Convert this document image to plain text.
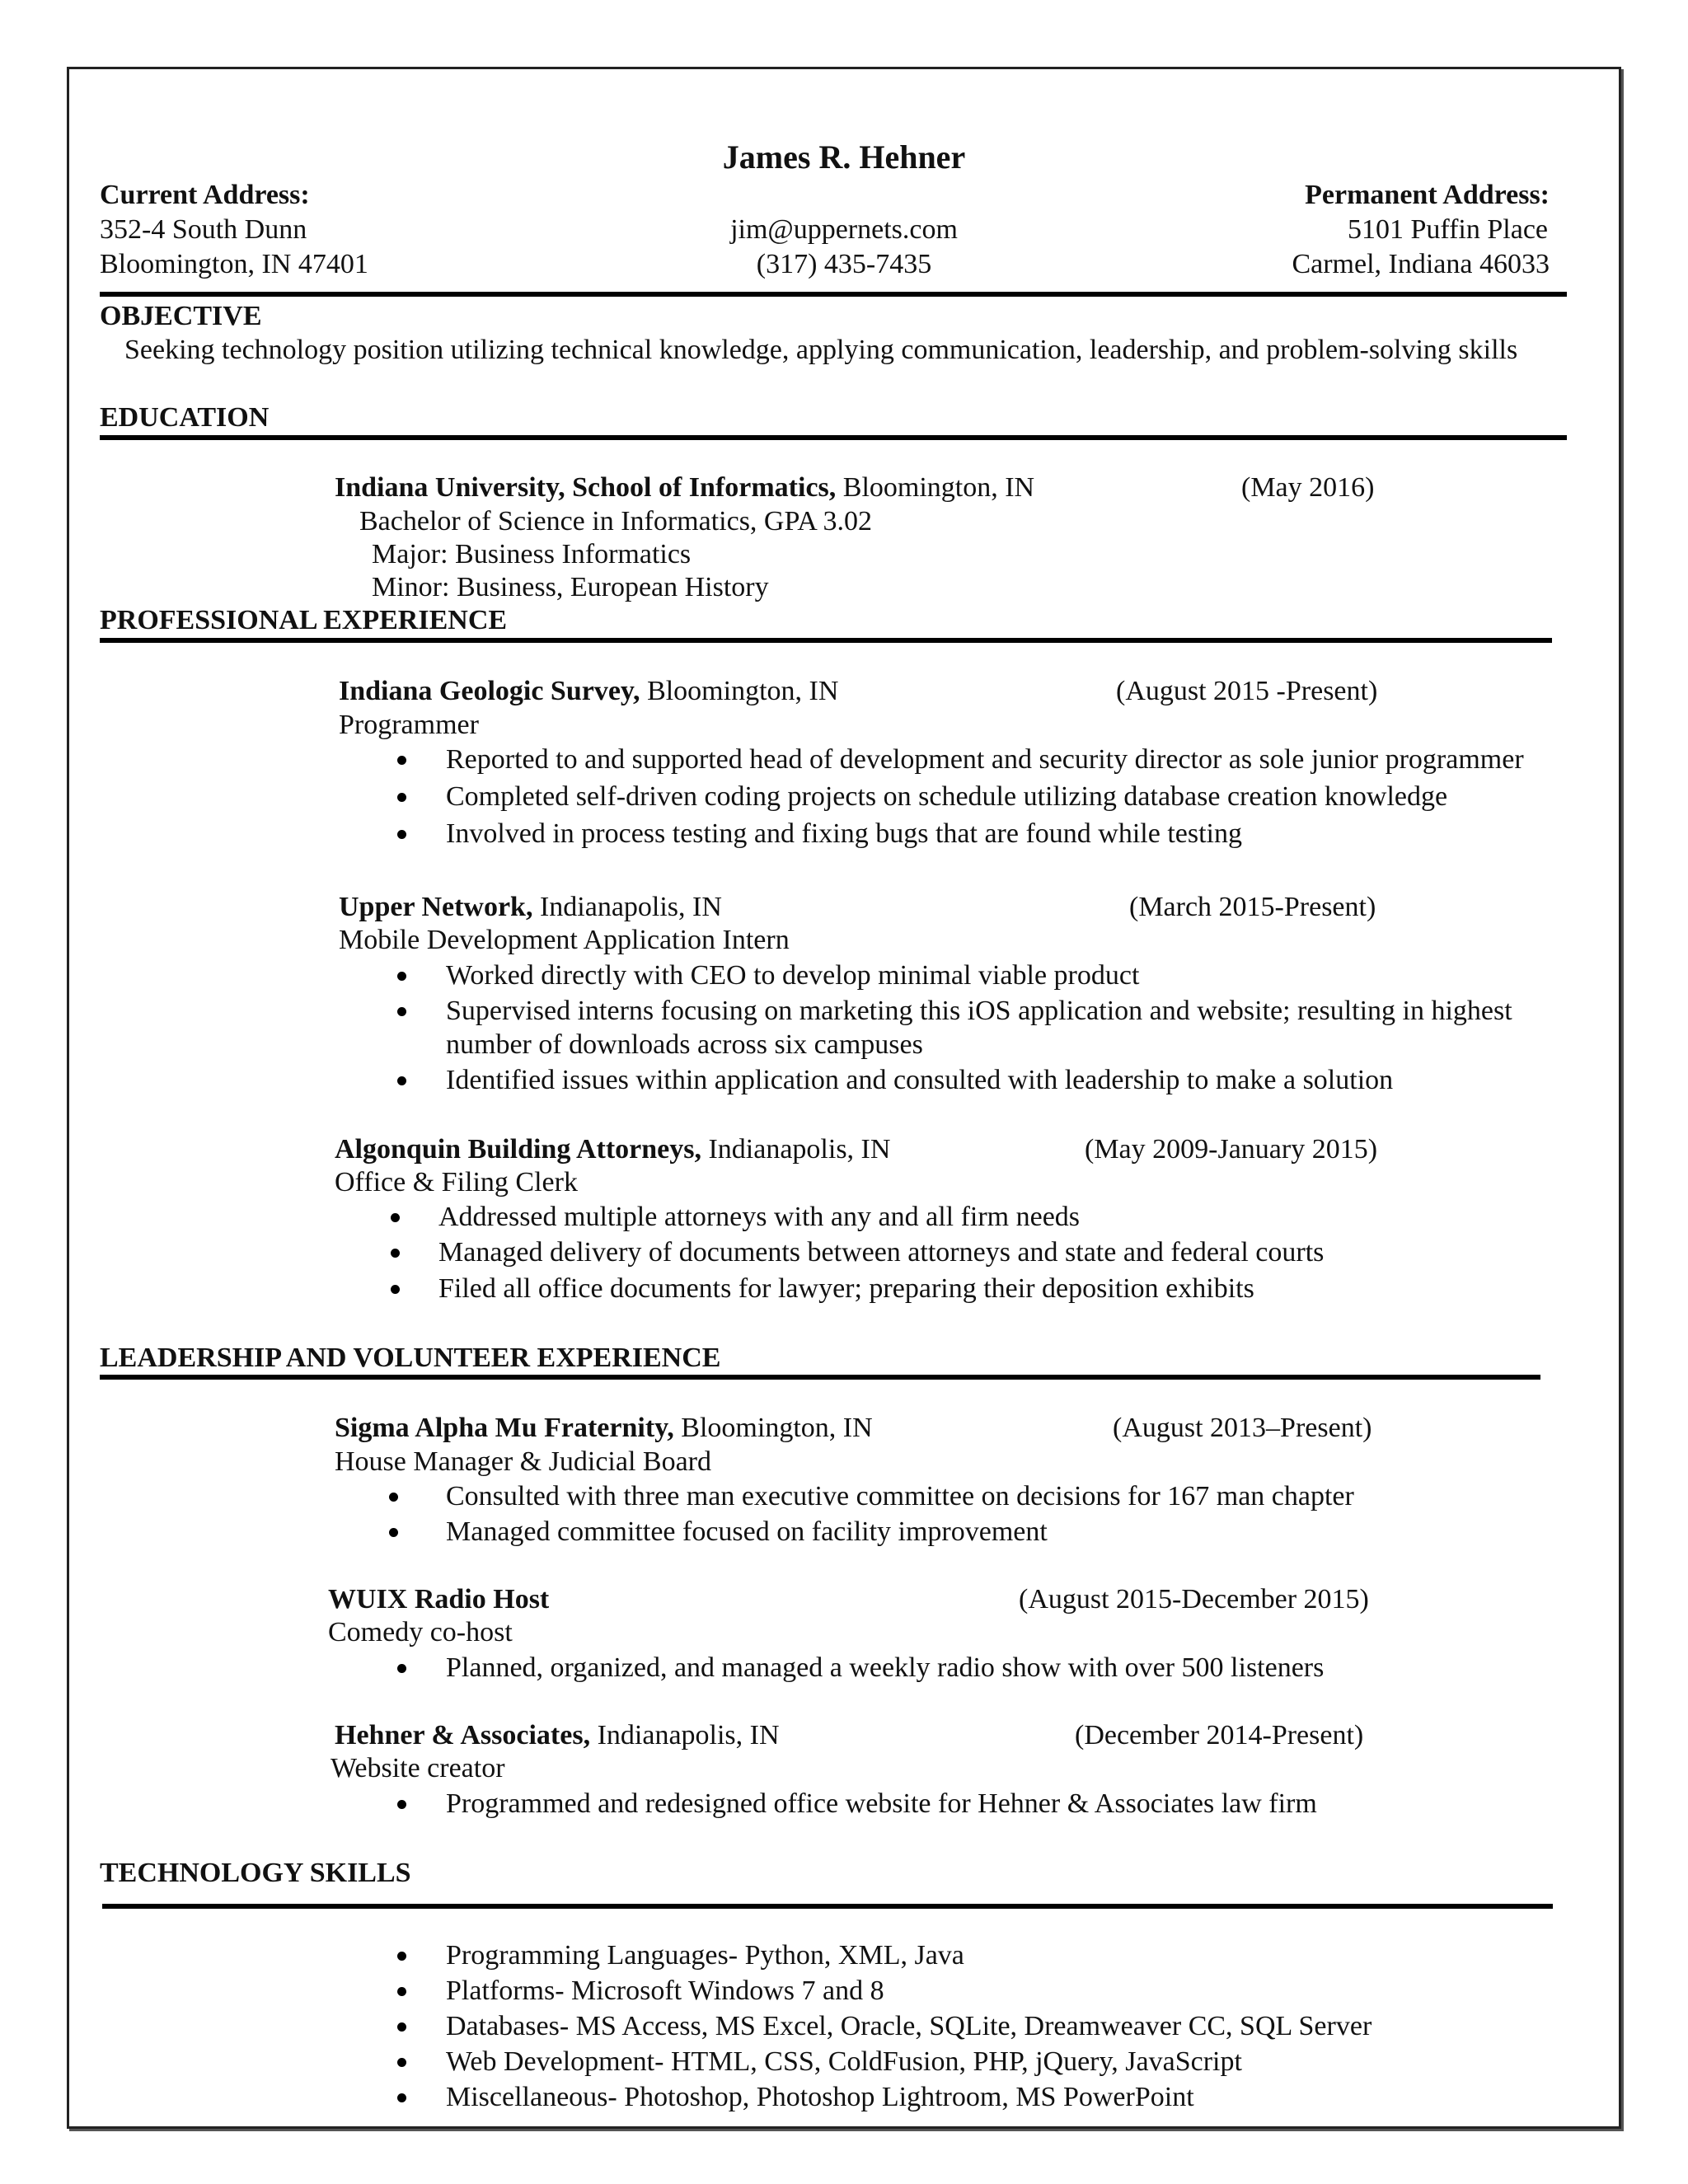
James R. Hehner
Current Address:
352-4 South Dunn
Bloomington, IN 47401
jim@uppernets.com
(317) 435-7435
Permanent Address:
5101 Puffin Place
Carmel, Indiana 46033
OBJECTIVE
Seeking technology position utilizing technical knowledge, applying communication, leadership, and problem-solving skills
EDUCATION
Indiana University, School of Informatics, Bloomington, IN	(May 2016)
Bachelor of Science in Informatics, GPA 3.02
Major: Business Informatics
Minor: Business, European History
PROFESSIONAL EXPERIENCE
Indiana Geologic Survey, Bloomington, IN	(August 2015 -Present)
Programmer
Reported to and supported head of development and security director as sole junior programmer
Completed self-driven coding projects on schedule utilizing database creation knowledge
Involved in process testing and fixing bugs that are found while testing
Upper Network, Indianapolis, IN	(March 2015-Present)
Mobile Development Application Intern
Worked directly with CEO to develop minimal viable product
Supervised interns focusing on marketing this iOS application and website; resulting in highest
number of downloads across six campuses
Identified issues within application and consulted with leadership to make a solution
Algonquin Building Attorneys, Indianapolis, IN	(May 2009-January 2015)
Office & Filing Clerk
Addressed multiple attorneys with any and all firm needs
Managed delivery of documents between attorneys and state and federal courts
Filed all office documents for lawyer; preparing their deposition exhibits
LEADERSHIP AND VOLUNTEER EXPERIENCE
Sigma Alpha Mu Fraternity, Bloomington, IN	(August 2013–Present)
House Manager & Judicial Board
Consulted with three man executive committee on decisions for 167 man chapter
Managed committee focused on facility improvement
WUIX Radio Host	(August 2015-December 2015)
Comedy co-host
Planned, organized, and managed a weekly radio show with over 500 listeners
Hehner & Associates, Indianapolis, IN	(December 2014-Present)
Website creator
Programmed and redesigned office website for Hehner & Associates law firm
TECHNOLOGY SKILLS
Programming Languages- Python, XML, Java
Platforms- Microsoft Windows 7 and 8
Databases- MS Access, MS Excel, Oracle, SQLite, Dreamweaver CC, SQL Server
Web Development- HTML, CSS, ColdFusion, PHP, jQuery, JavaScript
Miscellaneous- Photoshop, Photoshop Lightroom, MS PowerPoint
